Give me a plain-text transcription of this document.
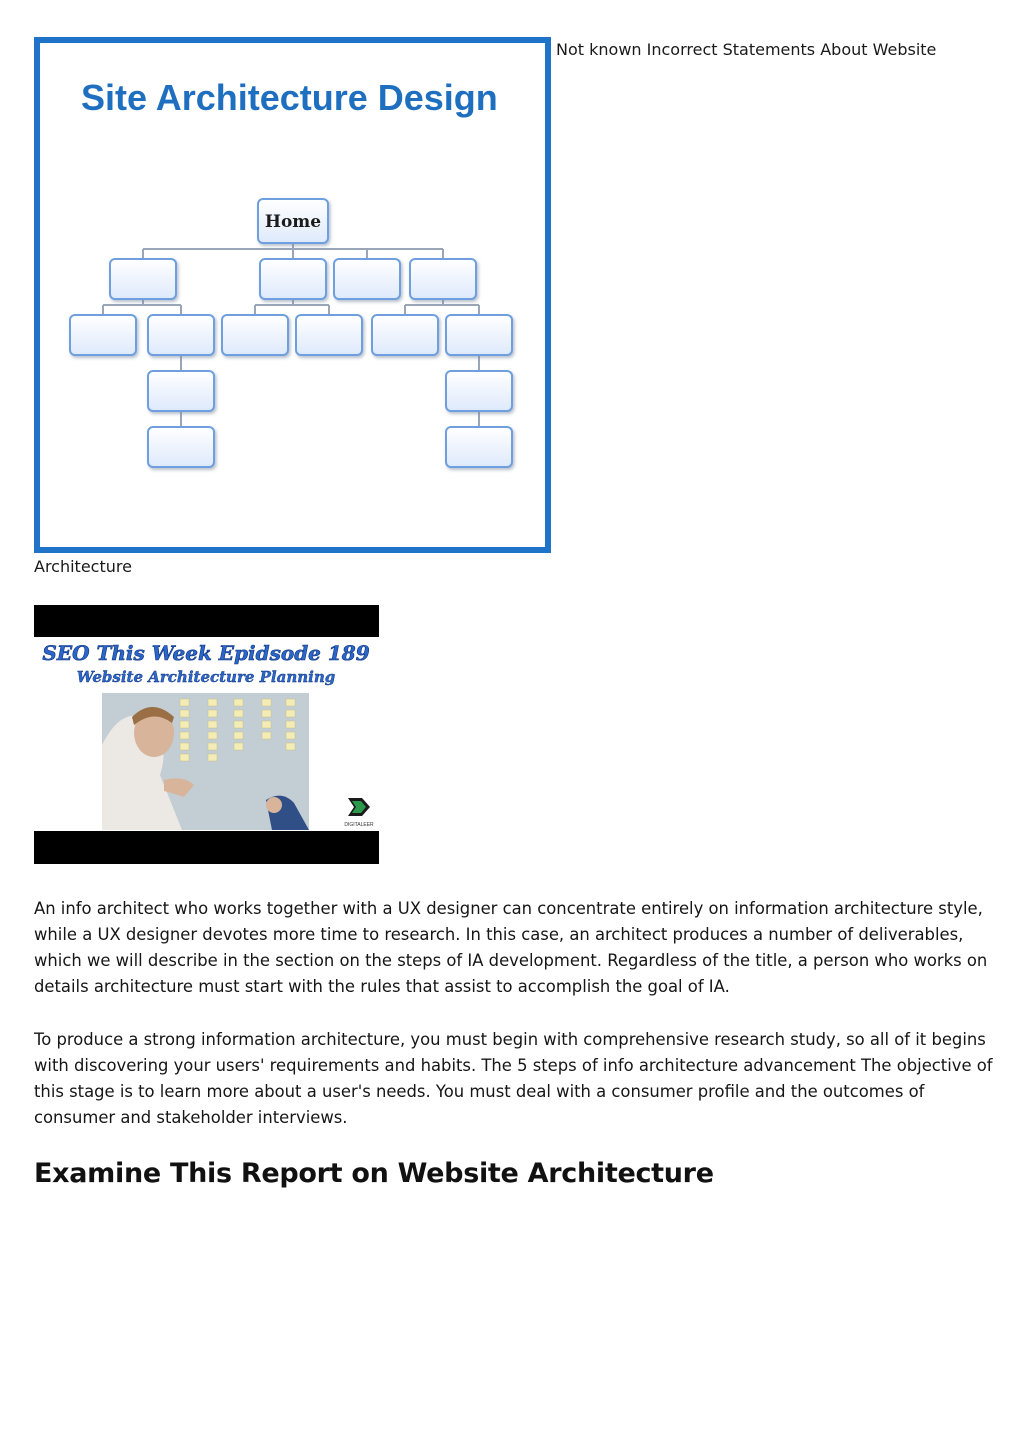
Site Architecture Design
Home
Not known Incorrect Statements About Website
Architecture
SEO This Week Epidsode 189
Website Architecture Planning
DIGITALEER

An info architect who works together with a UX designer can concentrate entirely on information architecture style, while a UX designer devotes more time to research. In this case, an architect produces a number of deliverables, which we will describe in the section on the steps of IA development. Regardless of the title, a person who works on details architecture must start with the rules that assist to accomplish the goal of IA.

To produce a strong information architecture, you must begin with comprehensive research study, so all of it begins with discovering your users' requirements and habits. The 5 steps of info architecture advancement The objective of this stage is to learn more about a user's needs. You must deal with a consumer profile and the outcomes of consumer and stakeholder interviews.

Examine This Report on Website Architecture
